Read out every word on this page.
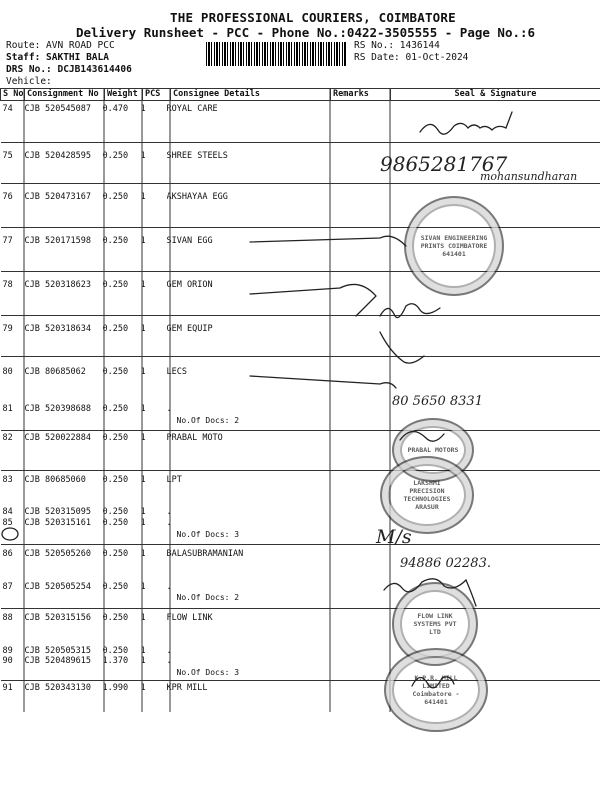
THE PROFESSIONAL COURIERS, COIMBATORE
Delivery Runsheet - PCC - Phone No.:0422-3505555 - Page No.:6
Route: AVN ROAD PCC
Staff: SAKTHI BALA
DRS No.: DCJB143614406
Vehicle:
RS No.: 1436144
RS Date: 01-Oct-2024
S No	Consignment No	Weight	PCS	Consignee Details	Remarks	Seal & Signature

74 CJB 520545087 0.470 1 ROYAL CARE
75 CJB 520428595 0.250 1 SHREE STEELS
76 CJB 520473167 0.250 1 AKSHAYAA EGG
77 CJB 520171598 0.250 1 SIVAN EGG
78 CJB 520318623 0.250 1 GEM ORION
79 CJB 520318634 0.250 1 GEM EQUIP
80 CJB 80685062 0.250 1 LECS
81 CJB 520398688 0.250 1 .
No.Of Docs: 2
82 CJB 520022884 0.250 1 PRABAL MOTO
83 CJB 80685060 0.250 1 LPT
84 CJB 520315095 0.250 1 .
85 CJB 520315161 0.250 1 .
No.Of Docs: 3
86 CJB 520505260 0.250 1 BALASUBRAMANIAN
87 CJB 520505254 0.250 1 .
No.Of Docs: 2
88 CJB 520315156 0.250 1 FLOW LINK
89 CJB 520505315 0.250 1 .
90 CJB 520489615 1.370 1 .
No.Of Docs: 3
91 CJB 520343130 1.990 1 KPR MILL
SIVAN ENGINEERING PRINTS COIMBATORE 641401
PRABAL MOTORS
LAKSHMI PRECISION TECHNOLOGIES ARASUR
FLOW LINK SYSTEMS PVT LTD
K.P.R. MILL LIMITED Coimbatore - 641401
9865281767
mohansundharan
80 5650 8331
M/s
94886 02283.
